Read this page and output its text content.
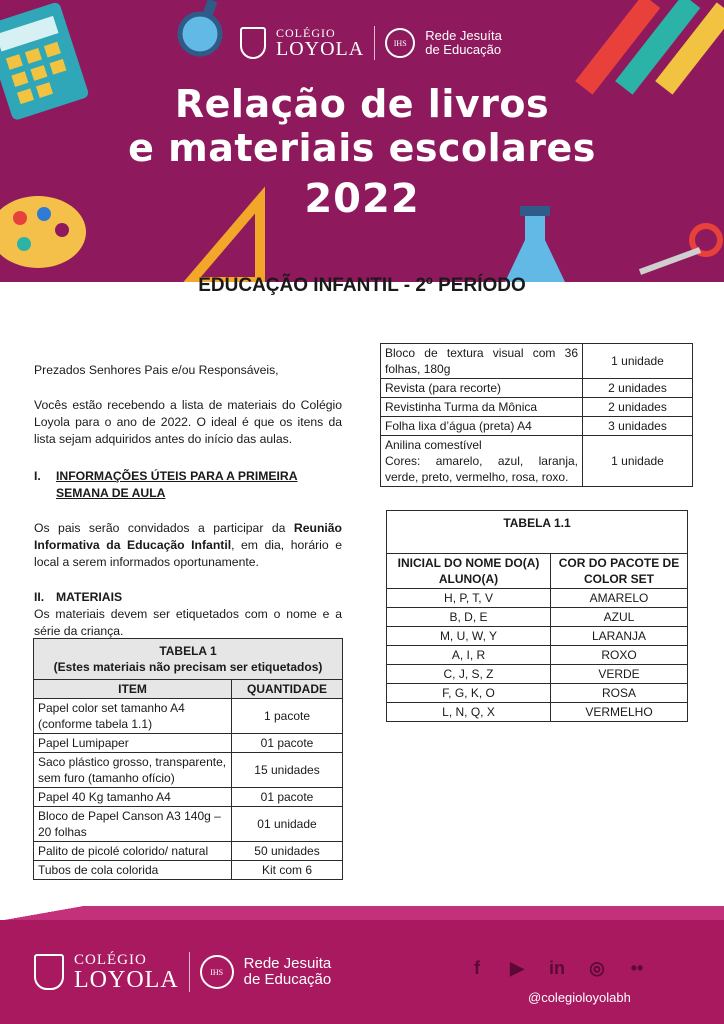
COLÉGIO
LOYOLA	IHS	Rede Jesuíta
de Educação
Relação de livros
e materiais escolares
2022
EDUCAÇÃO INFANTIL - 2º PERÍODO

Prezados Senhores Pais e/ou Responsáveis,

Vocês estão recebendo a lista de materiais do Colégio Loyola para o ano de 2022. O ideal é que os itens da lista sejam adquiridos antes do início das aulas.

I.	INFORMAÇÕES ÚTEIS PARA A PRIMEIRA SEMANA DE AULA

Os pais serão convidados a participar da Reunião Informativa da Educação Infantil, em dia, horário e local a serem informados oportunamente.

II. MATERIAIS

Os materiais devem ser etiquetados com o nome e a série da criança.

TABELA 1
(Estes materiais não precisam ser etiquetados)	

ITEM	QUANTIDADE
Papel color set tamanho A4 (conforme tabela 1.1)	1 pacote
Papel Lumipaper	01 pacote
Saco plástico grosso, transparente, sem furo (tamanho ofício)	15 unidades
Papel 40 Kg tamanho A4	01 pacote
Bloco de Papel Canson A3 140g – 20 folhas	01 unidade
Palito de picolé colorido/ natural	50 unidades
Tubos de cola colorida	Kit com 6
Bloco de textura visual com 36 folhas, 180g	1 unidade
Revista (para recorte)	2 unidades
Revistinha Turma da Mônica	2 unidades
Folha lixa d’água (preta) A4	3 unidades

Anilina comestível
Cores: amarelo, azul, laranja, verde, preto, vermelho, rosa, roxo.	1 unidade
TABELA 1.1	
INICIAL DO NOME DO(A) ALUNO(A)	COR DO PACOTE DE COLOR SET
H, P, T, V	AMARELO
B, D, E	AZUL
M, U, W, Y	LARANJA
A, I, R	ROXO
C, J, S, Z	VERDE
F, G, K, O	ROSA
L, N, Q, X	VERMELHO
COLÉGIO
LOYOLA	IHS	Rede Jesuita
de Educação
f	▶	in ◎	••
@colegioloyolabh
